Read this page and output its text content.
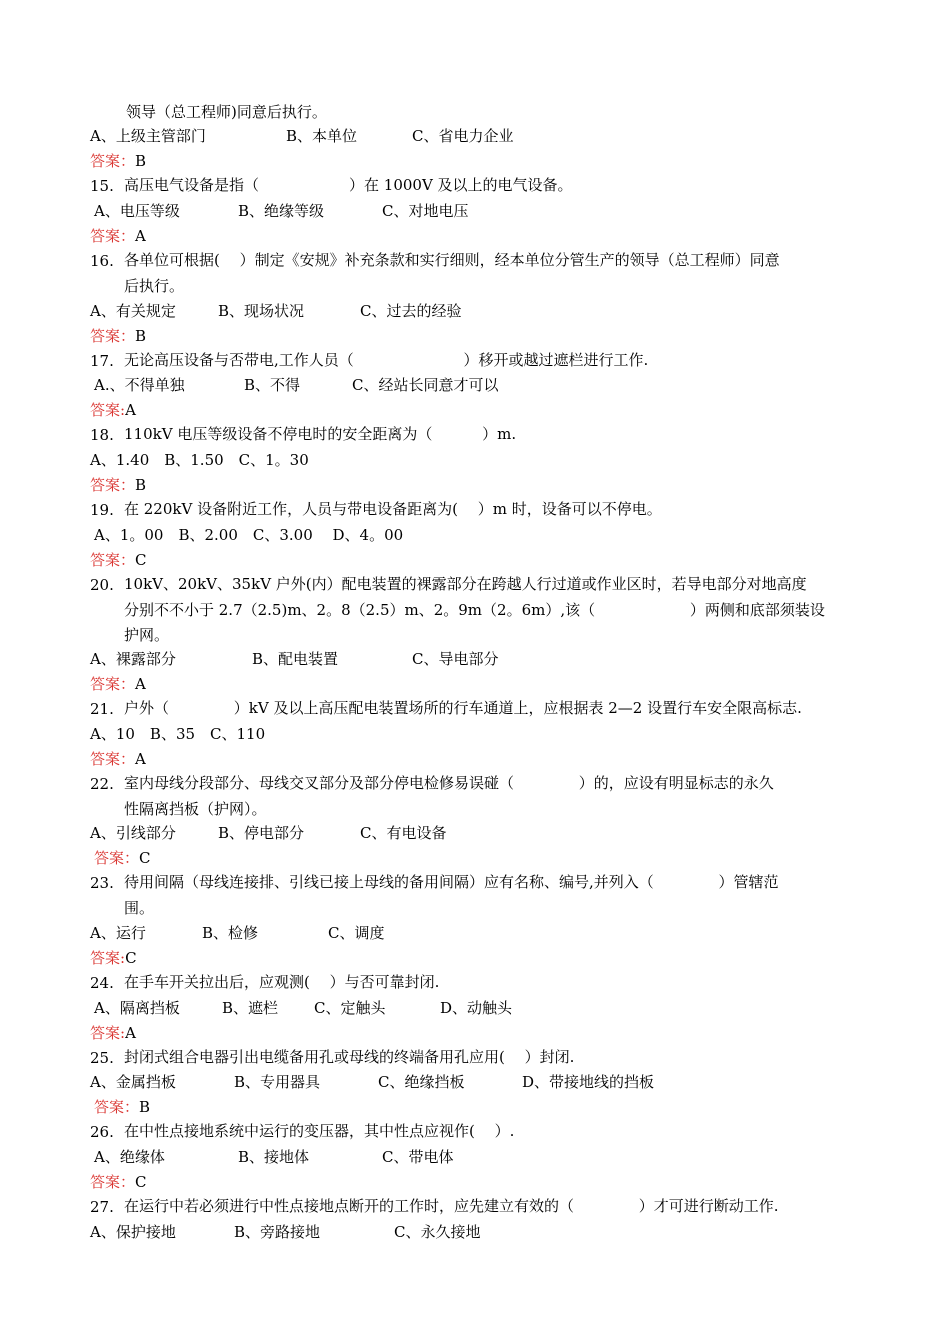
领导（总工程师)同意后执行。
A、上级主管部门	B、本单位	C、省电力企业
答案：B
15. 高压电气设备是指（　　　　　　）在 1000V 及以上的电气设备。
A、电压等级	B、绝缘等级	C、对地电压
答案：A
16. 各单位可根据(　 ）制定《安规》补充条款和实行细则，经本单位分管生产的领导（总工程师）同意
后执行。
A、有关规定	B、现场状况	C、过去的经验
答案：B
17. 无论高压设备与否带电,工作人员（　　　　　　　 ）移开或越过遮栏进行工作.
A.、不得单独	B、不得	C、经站长同意才可以
答案:A
18. 110kV 电压等级设备不停电时的安全距离为（　　　 ）m.
A、1.40　B、1.50　C、1。30
答案：B
19. 在 220kV 设备附近工作，人员与带电设备距离为(　 ）m 时，设备可以不停电。
A、1。00　B、2.00　C、3.00　 D、4。00
答案：C
20. 10kV、20kV、35kV 户外(内）配电装置的裸露部分在跨越人行过道或作业区时，若导电部分对地高度
分别不不小于 2.7（2.5)m、2。8（2.5）m、2。9m（2。6m）,该（　　　　　　 ）两侧和底部须装设
护网。
A、裸露部分	B、配电装置	C、导电部分
答案：A
21. 户外（　　　　 ）kV 及以上高压配电装置场所的行车通道上，应根据表 2—2 设置行车安全限高标志.
A、10　B、35　C、110
答案：A
22. 室内母线分段部分、母线交叉部分及部分停电检修易误碰（　　　　 ）的，应设有明显标志的永久
性隔离挡板（护网）。
A、引线部分	B、停电部分	C、有电设备
答案：C
23. 待用间隔（母线连接排、引线已接上母线的备用间隔）应有名称、编号,并列入（　　　　 ）管辖范
围。
A、运行	B、检修	C、调度
答案:C
24. 在手车开关拉出后，应观测(　 ）与否可靠封闭.
A、隔离挡板	B、遮栏 C、定触头	D、动触头
答案:A
25. 封闭式组合电器引出电缆备用孔或母线的终端备用孔应用(　 ）封闭.
A、金属挡板	B、专用器具	C、绝缘挡板	D、带接地线的挡板
答案：B
26. 在中性点接地系统中运行的变压器，其中性点应视作(　 ）.
A、绝缘体	B、接地体	C、带电体
答案：C
27. 在运行中若必须进行中性点接地点断开的工作时，应先建立有效的（　　　　 ）才可进行断动工作.
A、保护接地	B、旁路接地	C、永久接地
